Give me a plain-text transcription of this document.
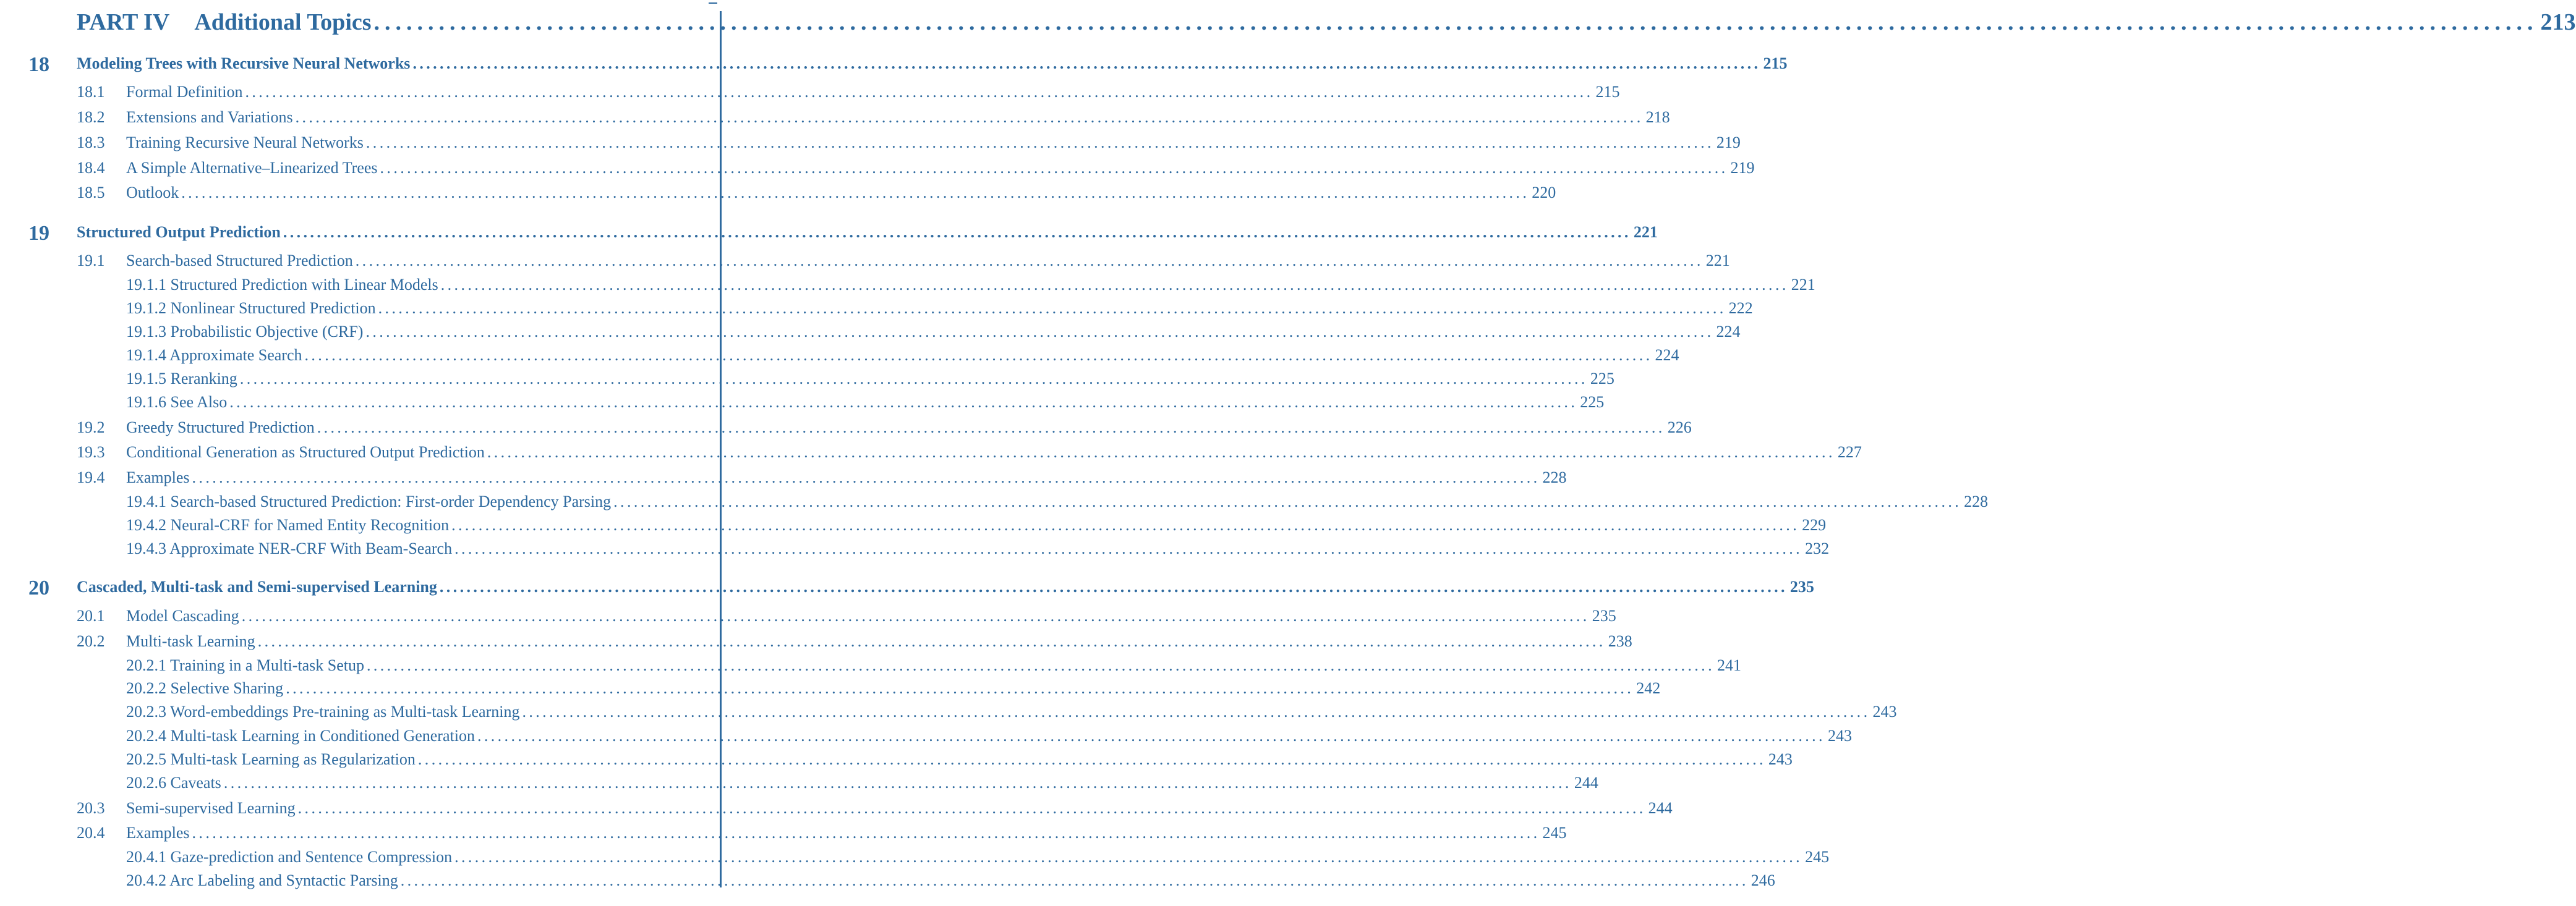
PART IV Additional Topics ........................................................................................................................................................................................................ 213
18 Modeling Trees with Recursive Neural Networks ........................................................................................................................................................................................................ 215
18.1 Formal Definition ........................................................................................................................................................................................................ 215
18.2 Extensions and Variations ........................................................................................................................................................................................................ 218
18.3 Training Recursive Neural Networks ........................................................................................................................................................................................................ 219
18.4 A Simple Alternative–Linearized Trees ........................................................................................................................................................................................................ 219
18.5 Outlook ........................................................................................................................................................................................................ 220
19 Structured Output Prediction ........................................................................................................................................................................................................ 221
19.1 Search-based Structured Prediction ........................................................................................................................................................................................................ 221
19.1.1 Structured Prediction with Linear Models ........................................................................................................................................................................................................ 221
19.1.2 Nonlinear Structured Prediction ........................................................................................................................................................................................................ 222
19.1.3 Probabilistic Objective (CRF) ........................................................................................................................................................................................................ 224
19.1.4 Approximate Search ........................................................................................................................................................................................................ 224
19.1.5 Reranking ........................................................................................................................................................................................................ 225
19.1.6 See Also ........................................................................................................................................................................................................ 225
19.2 Greedy Structured Prediction ........................................................................................................................................................................................................ 226
19.3 Conditional Generation as Structured Output Prediction ........................................................................................................................................................................................................ 227
19.4 Examples ........................................................................................................................................................................................................ 228
19.4.1 Search-based Structured Prediction: First-order Dependency Parsing ........................................................................................................................................................................................................ 228
19.4.2 Neural-CRF for Named Entity Recognition ........................................................................................................................................................................................................ 229
19.4.3 Approximate NER-CRF With Beam-Search ........................................................................................................................................................................................................ 232
20 Cascaded, Multi-task and Semi-supervised Learning ........................................................................................................................................................................................................ 235
20.1 Model Cascading ........................................................................................................................................................................................................ 235
20.2 Multi-task Learning ........................................................................................................................................................................................................ 238
20.2.1 Training in a Multi-task Setup ........................................................................................................................................................................................................ 241
20.2.2 Selective Sharing ........................................................................................................................................................................................................ 242
20.2.3 Word-embeddings Pre-training as Multi-task Learning ........................................................................................................................................................................................................ 243
20.2.4 Multi-task Learning in Conditioned Generation ........................................................................................................................................................................................................ 243
20.2.5 Multi-task Learning as Regularization ........................................................................................................................................................................................................ 243
20.2.6 Caveats ........................................................................................................................................................................................................ 244
20.3 Semi-supervised Learning ........................................................................................................................................................................................................ 244
20.4 Examples ........................................................................................................................................................................................................ 245
20.4.1 Gaze-prediction and Sentence Compression ........................................................................................................................................................................................................ 245
20.4.2 Arc Labeling and Syntactic Parsing ........................................................................................................................................................................................................ 246
